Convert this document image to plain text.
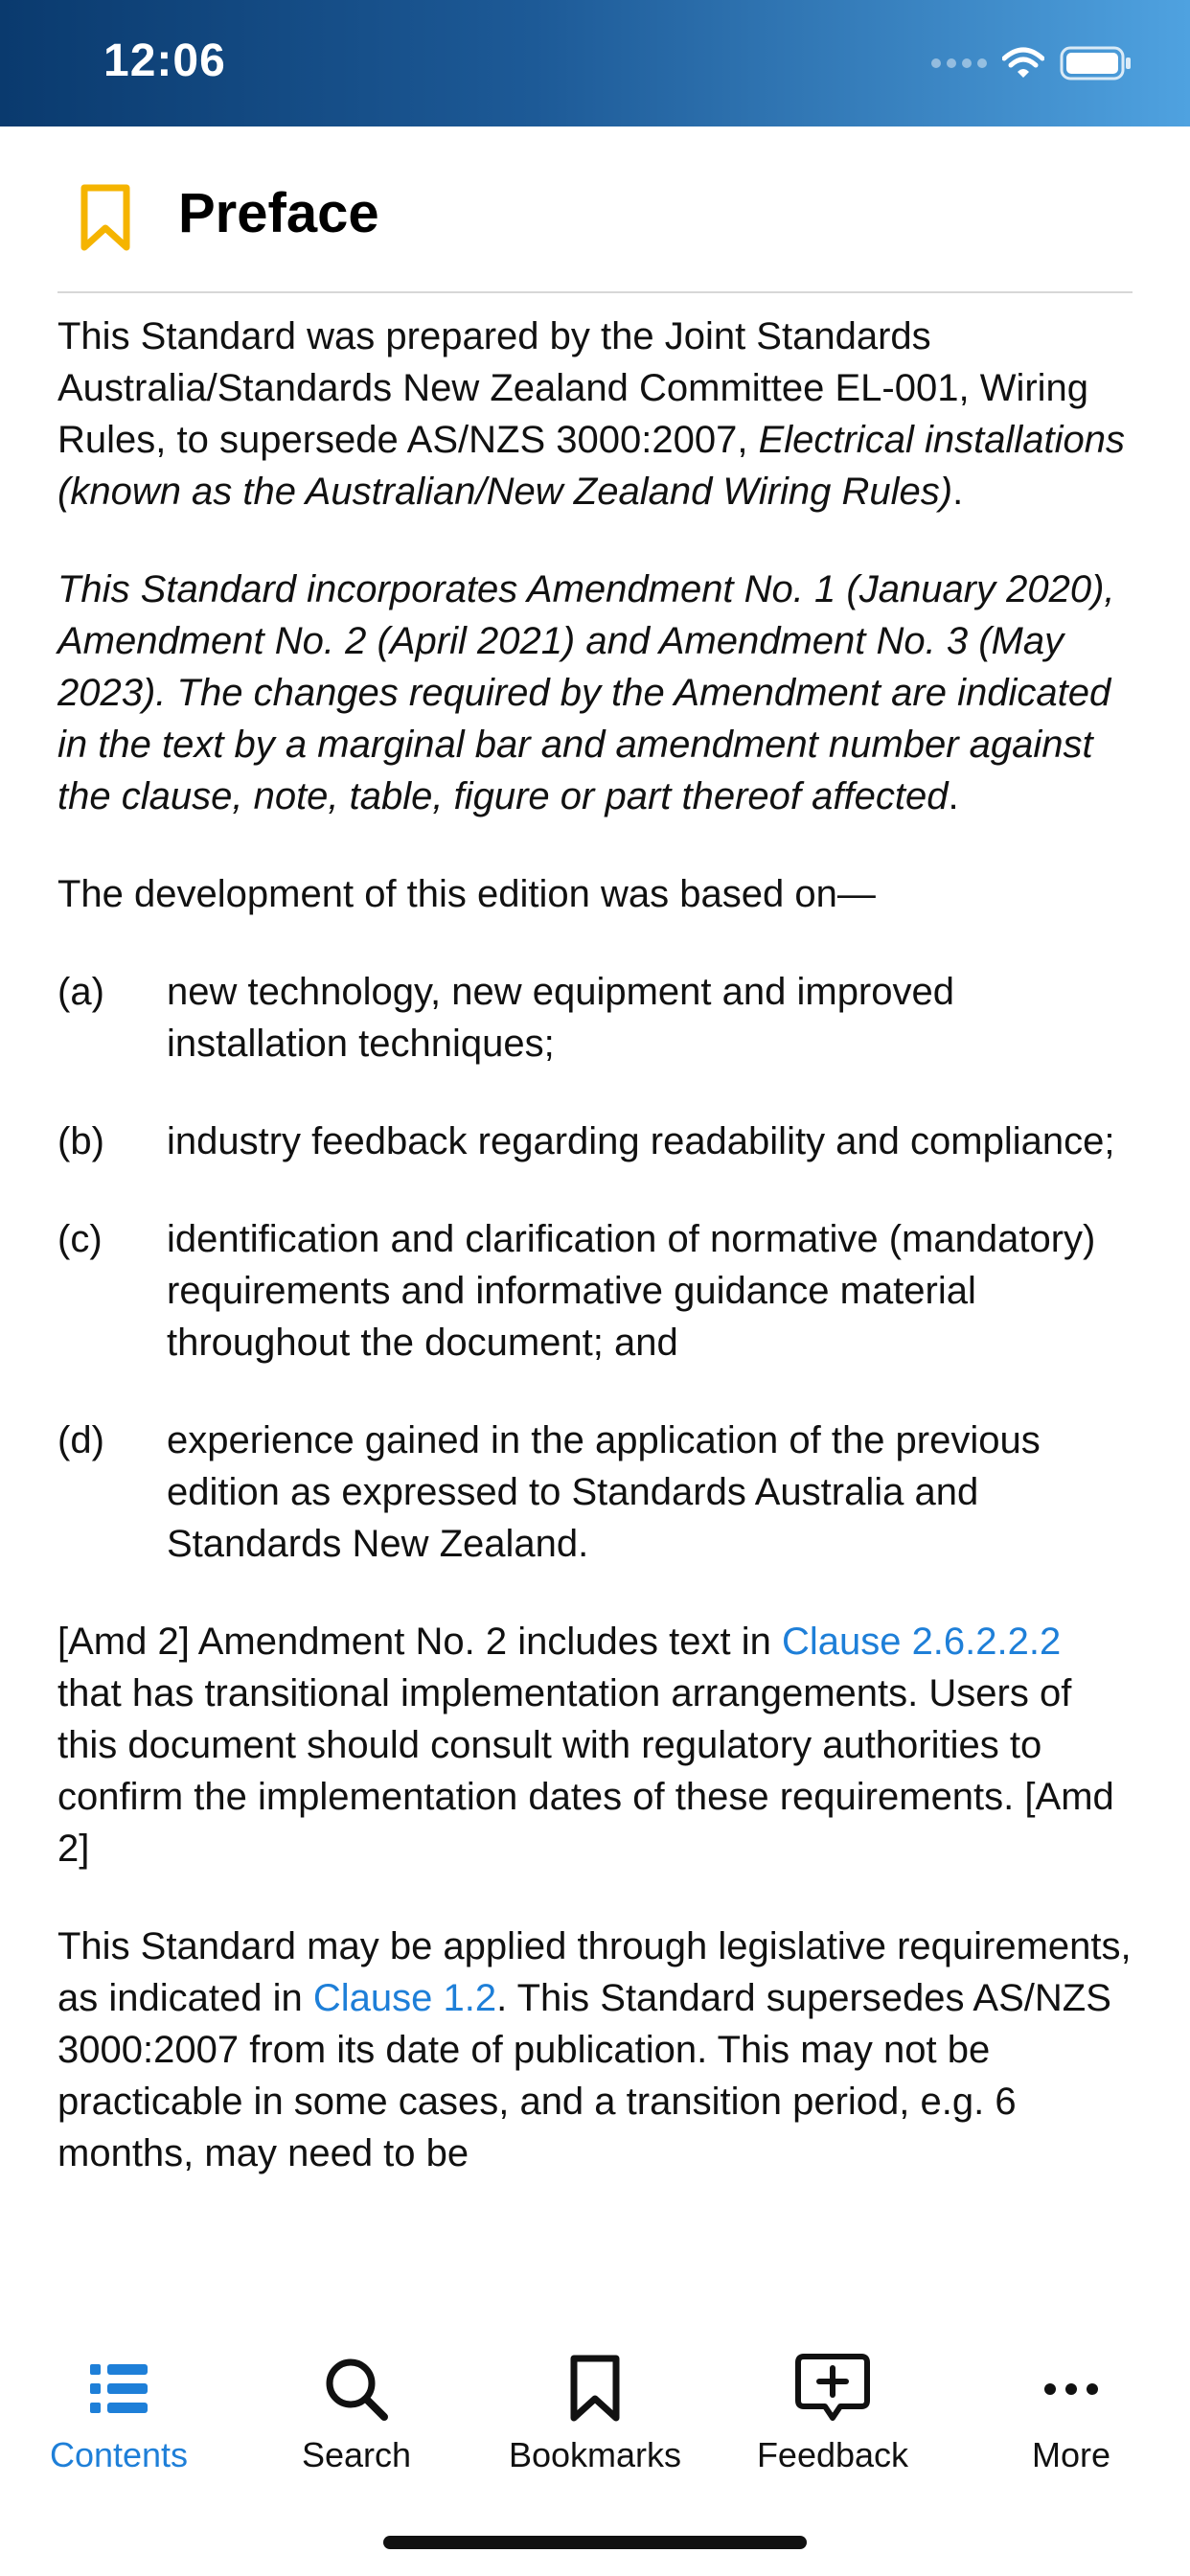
12:06
Preface

This Standard was prepared by the Joint Standards Australia/Standards New Zealand Committee EL-001, Wiring Rules, to supersede AS/NZS 3000:2007, Electrical installations (known as the Australian/New Zealand Wiring Rules).

This Standard incorporates Amendment No. 1 (January 2020), Amendment No. 2 (April 2021) and Amendment No. 3 (May 2023). The changes required by the Amendment are indicated in the text by a marginal bar and amendment number against the clause, note, table, figure or part thereof affected.

The development of this edition was based on—

(a) new technology, new equipment and improved installation techniques;
(b) industry feedback regarding readability and compliance;
(c) identification and clarification of normative (mandatory) requirements and informative guidance material throughout the document; and
(d) experience gained in the application of the previous edition as expressed to Standards Australia and Standards New Zealand.

[Amd 2] Amendment No. 2 includes text in Clause 2.6.2.2.2 that has transitional implementation arrangements. Users of this document should consult with regulatory authorities to confirm the implementation dates of these requirements. [Amd 2]

This Standard may be applied through legislative requirements, as indicated in Clause 1.2. This Standard supersedes AS/NZS 3000:2007 from its date of publication. This may not be practicable in some cases, and a transition period, e.g. 6 months, may need to be

Contents	Search	Bookmarks	Feedback	More
